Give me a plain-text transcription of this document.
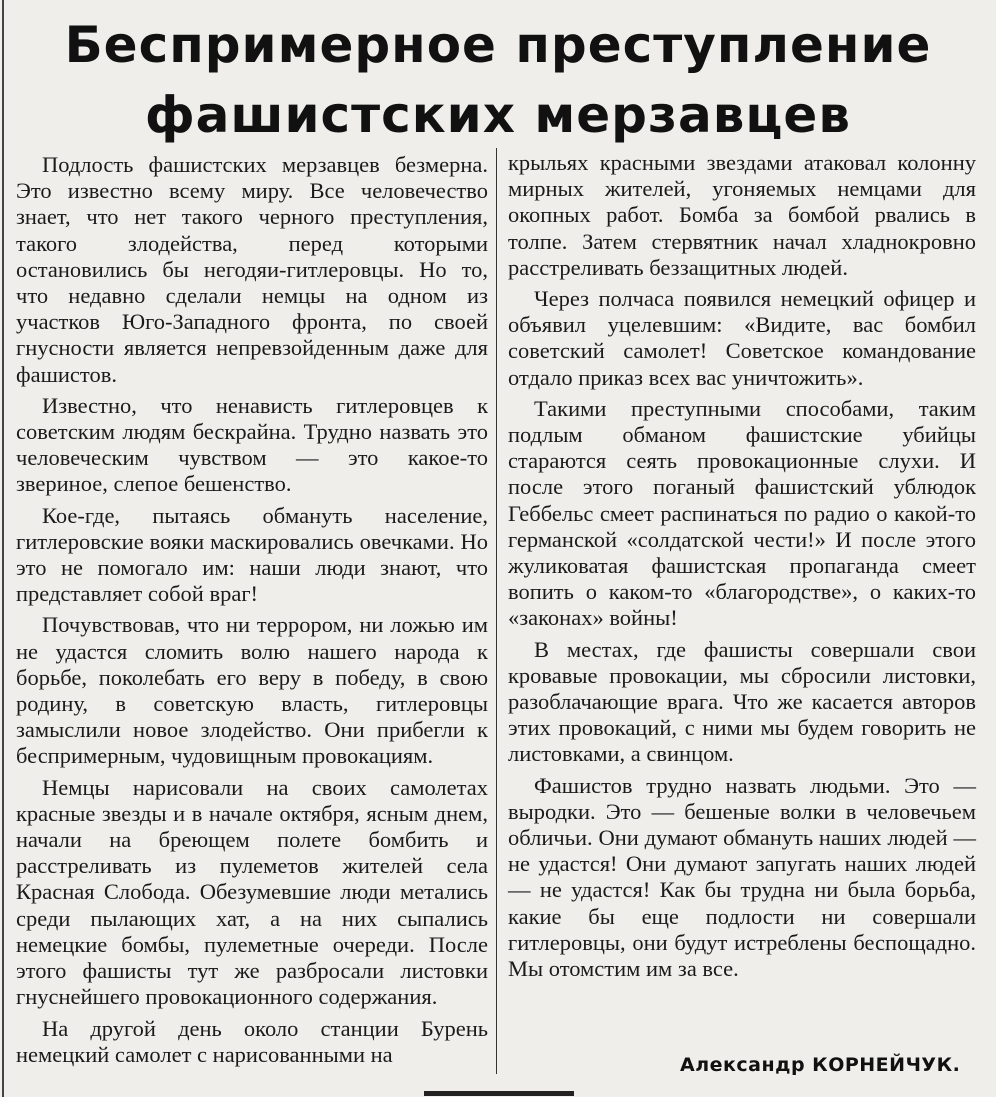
Беспримерное преступление
фашистских мерзавцев

Подлость фашистских мерзавцев безмерна. Это известно всему миру. Все человечество знает, что нет такого черного преступления, такого злодейства, перед которыми остановились бы негодяи-гитлеровцы. Но то, что недавно сделали немцы на одном из участков Юго-Западного фронта, по своей гнусности является непревзойденным даже для фашистов.

Известно, что ненависть гитлеровцев к советским людям бескрайна. Трудно назвать это человеческим чувством — это какое-то звериное, слепое бешенство.

Кое-где, пытаясь обмануть население, гитлеровские вояки маскировались овечками. Но это не помогало им: наши люди знают, что представляет собой враг!

Почувствовав, что ни террором, ни ложью им не удастся сломить волю нашего народа к борьбе, поколебать его веру в победу, в свою родину, в советскую власть, гитлеровцы замыслили новое злодейство. Они прибегли к беспримерным, чудовищным провокациям.

Немцы нарисовали на своих самолетах красные звезды и в начале октября, ясным днем, начали на бреющем полете бомбить и расстреливать из пулеметов жителей села Красная Слобода. Обезумевшие люди метались среди пылающих хат, а на них сыпались немецкие бомбы, пулеметные очереди. После этого фашисты тут же разбросали листовки гнуснейшего провокационного содержания.

На другой день около станции Бурень немецкий самолет с нарисованными на

крыльях красными звездами атаковал колонну мирных жителей, угоняемых немцами для окопных работ. Бомба за бомбой рвались в толпе. Затем стервятник начал хладнокровно расстреливать беззащитных людей.

Через полчаса появился немецкий офицер и объявил уцелевшим: «Видите, вас бомбил советский самолет! Советское командование отдало приказ всех вас уничтожить».

Такими преступными способами, таким подлым обманом фашистские убийцы стараются сеять провокационные слухи. И после этого поганый фашистский ублюдок Геббельс смеет распинаться по радио о какой-то германской «солдатской чести!» И после этого жуликоватая фашистская пропаганда смеет вопить о каком-то «благородстве», о каких-то «законах» войны!

В местах, где фашисты совершали свои кровавые провокации, мы сбросили листовки, разоблачающие врага. Что же касается авторов этих провокаций, с ними мы будем говорить не листовками, а свинцом.

Фашистов трудно назвать людьми. Это — выродки. Это — бешеные волки в человечьем обличьи. Они думают обмануть наших людей — не удастся! Они думают запугать наших людей — не удастся! Как бы трудна ни была борьба, какие бы еще подлости ни совершали гитлеровцы, они будут истреблены беспощадно. Мы отомстим им за все.

Александр КОРНЕЙЧУК.
